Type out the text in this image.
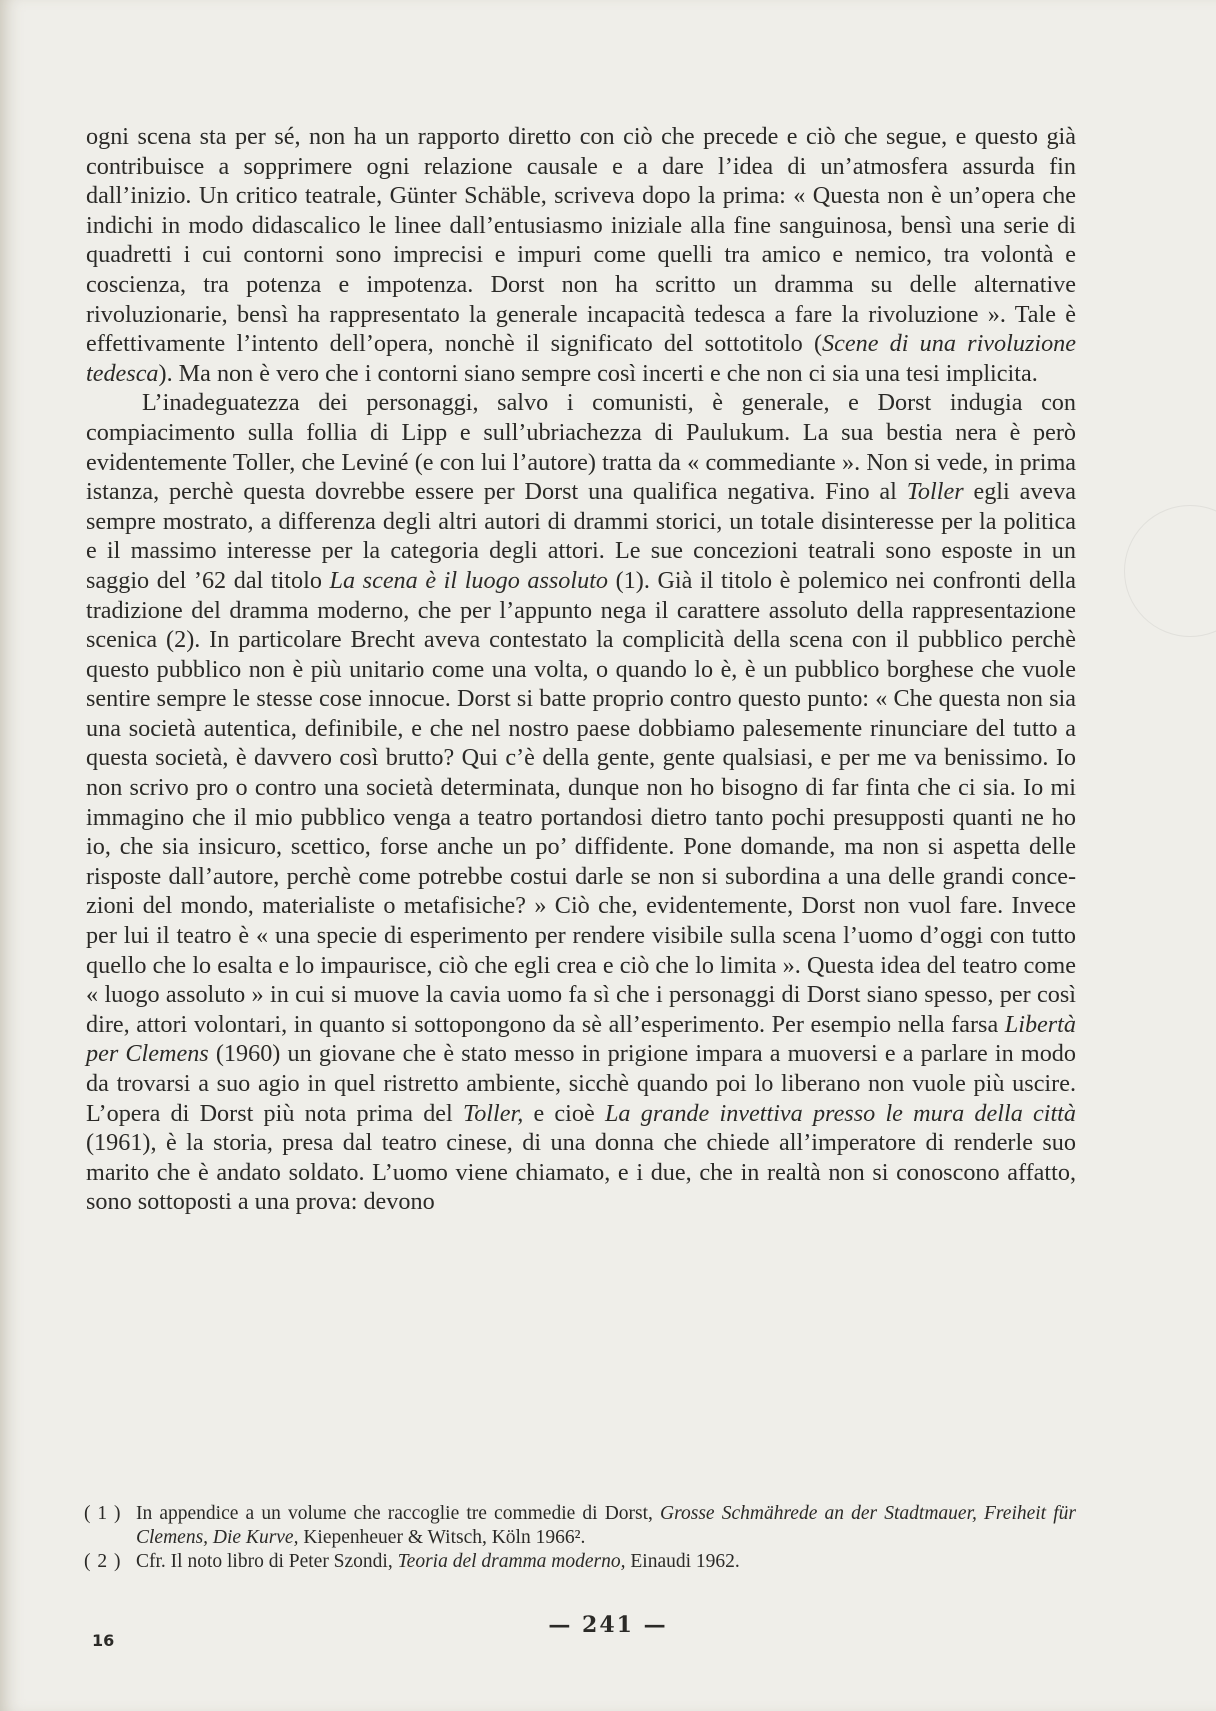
ogni scena sta per sé, non ha un rapporto diretto con ciò che precede e ciò che segue, e questo già contribuisce a sopprimere ogni relazione causale e a dare l’idea di un’atmosfera assurda fin dall’inizio. Un critico teatrale, Günter Schäble, scriveva dopo la prima: « Questa non è un’opera che indichi in modo didascalico le linee dall’entusiasmo iniziale alla fine sanguinosa, bensì una serie di quadretti i cui contorni sono imprecisi e impuri come quelli tra amico e nemico, tra volontà e coscienza, tra potenza e impotenza. Dorst non ha scritto un dramma su delle alternative rivoluzionarie, bensì ha rappresentato la generale incapacità tedesca a fare la rivoluzione ». Tale è effettivamente l’intento dell’opera, nonchè il significato del sottotitolo (Scene di una rivoluzione tedesca). Ma non è vero che i contorni siano sempre così incerti e che non ci sia una tesi implicita.

L’inadeguatezza dei personaggi, salvo i comunisti, è generale, e Dorst indugia con compiacimento sulla follia di Lipp e sull’ubriachezza di Paulukum. La sua bestia nera è però evidentemente Toller, che Leviné (e con lui l’autore) tratta da « commediante ». Non si vede, in prima istanza, perchè questa dovrebbe essere per Dorst una qualifica negativa. Fino al Toller egli aveva sempre mostrato, a differenza degli altri autori di drammi storici, un totale disinteresse per la politica e il massimo interesse per la categoria degli attori. Le sue concezioni teatrali sono esposte in un saggio del ’62 dal titolo La scena è il luogo assoluto (1). Già il titolo è polemico nei confronti della tradizione del dramma moderno, che per l’appunto nega il carattere assoluto della rappresentazione scenica (2). In particolare Brecht aveva contestato la complicità della scena con il pubblico perchè questo pubblico non è più unitario come una volta, o quando lo è, è un pubblico borghese che vuole sentire sempre le stesse cose innocue. Dorst si batte proprio contro questo punto: « Che questa non sia una società autentica, definibile, e che nel nostro paese dobbiamo palesemente rinunciare del tutto a questa società, è davvero così brutto? Qui c’è della gente, gente qualsiasi, e per me va benissimo. Io non scrivo pro o contro una società determinata, dunque non ho bisogno di far finta che ci sia. Io mi immagino che il mio pubblico venga a teatro portandosi dietro tanto pochi presupposti quanti ne ho io, che sia insicuro, scettico, forse anche un po’ diffidente. Pone domande, ma non si aspetta delle risposte dall’autore, perchè come potrebbe costui darle se non si subordina a una delle grandi concezioni del mondo, materialiste o metafisiche? » Ciò che, evidentemente, Dorst non vuol fare. Invece per lui il teatro è « una specie di esperimento per rendere visibile sulla scena l’uomo d’oggi con tutto quello che lo esalta e lo impaurisce, ciò che egli crea e ciò che lo limita ». Questa idea del teatro come « luogo assoluto » in cui si muove la cavia uomo fa sì che i personaggi di Dorst siano spesso, per così dire, attori volontari, in quanto si sottopongono da sè all’esperimento. Per esempio nella farsa Libertà per Clemens (1960) un giovane che è stato messo in prigione impara a muoversi e a parlare in modo da trovarsi a suo agio in quel ristretto ambiente, sicchè quando poi lo liberano non vuole più uscire. L’opera di Dorst più nota prima del Toller, e cioè La grande invettiva presso le mura della città (1961), è la storia, presa dal teatro cinese, di una donna che chiede all’imperatore di renderle suo marito che è andato soldato. L’uomo viene chiamato, e i due, che in realtà non si conoscono affatto, sono sottoposti a una prova: devono

( 1 ) In appendice a un volume che raccoglie tre commedie di Dorst, Grosse Schmährede an der Stadtmauer, Freiheit für Clemens, Die Kurve, Kiepenheuer & Witsch, Köln 1966².
( 2 ) Cfr. Il noto libro di Peter Szondi, Teoria del dramma moderno, Einaudi 1962.
— 241 —
16
